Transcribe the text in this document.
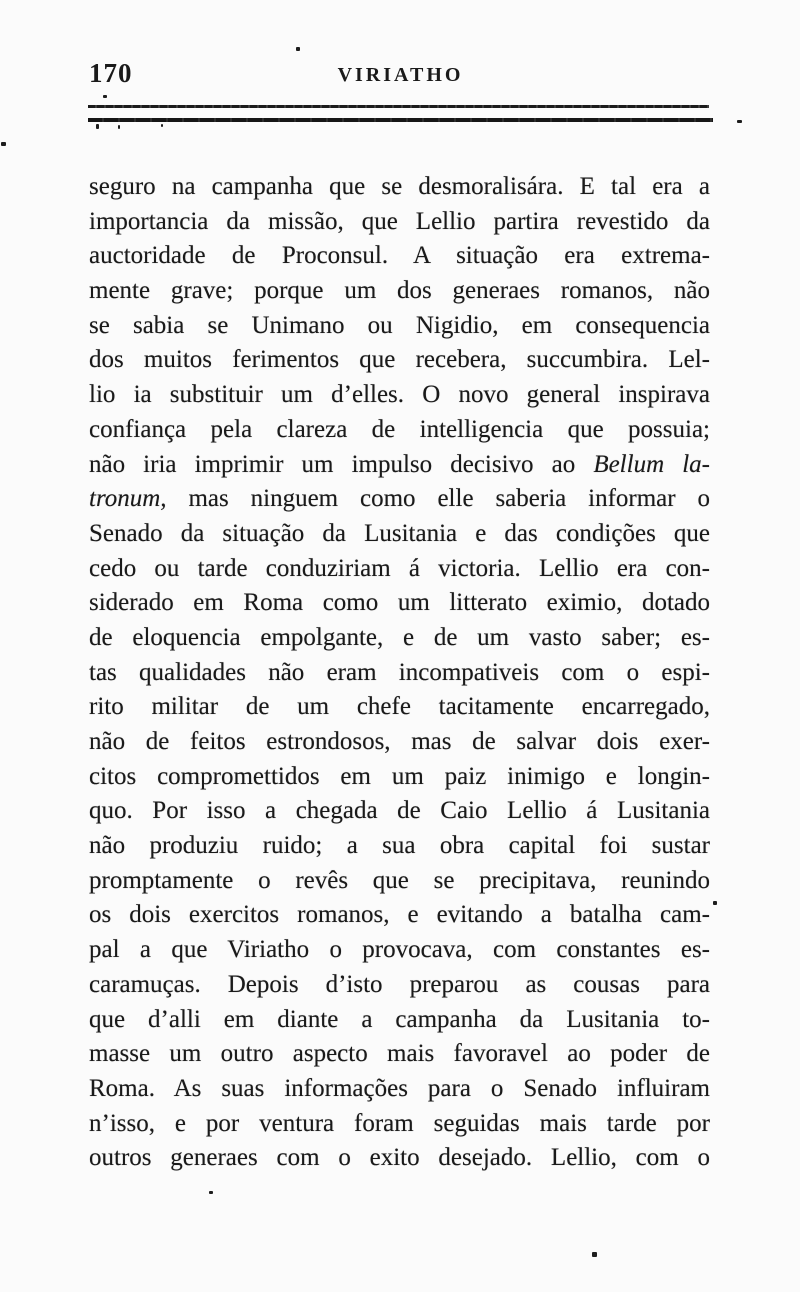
170	VIRIATHO
seguro na campanha que se desmoralisára. E tal era a
importancia da missão, que Lellio partira revestido da
auctoridade de Proconsul. A situação era extrema-
mente grave; porque um dos generaes romanos, não
se sabia se Unimano ou Nigidio, em consequencia
dos muitos ferimentos que recebera, succumbira. Lel-
lio ia substituir um d’elles. O novo general inspirava
confiança pela clareza de intelligencia que possuia;
não iria imprimir um impulso decisivo ao Bellum la-
tronum, mas ninguem como elle saberia informar o
Senado da situação da Lusitania e das condições que
cedo ou tarde conduziriam á victoria. Lellio era con-
siderado em Roma como um litterato eximio, dotado
de eloquencia empolgante, e de um vasto saber; es-
tas qualidades não eram incompativeis com o espi-
rito militar de um chefe tacitamente encarregado,
não de feitos estrondosos, mas de salvar dois exer-
citos compromettidos em um paiz inimigo e longin-
quo. Por isso a chegada de Caio Lellio á Lusitania
não produziu ruido; a sua obra capital foi sustar
promptamente o revês que se precipitava, reunindo
os dois exercitos romanos, e evitando a batalha cam-
pal a que Viriatho o provocava, com constantes es-
caramuças. Depois d’isto preparou as cousas para
que d’alli em diante a campanha da Lusitania to-
masse um outro aspecto mais favoravel ao poder de
Roma. As suas informações para o Senado influiram
n’isso, e por ventura foram seguidas mais tarde por
outros generaes com o exito desejado. Lellio, com o
